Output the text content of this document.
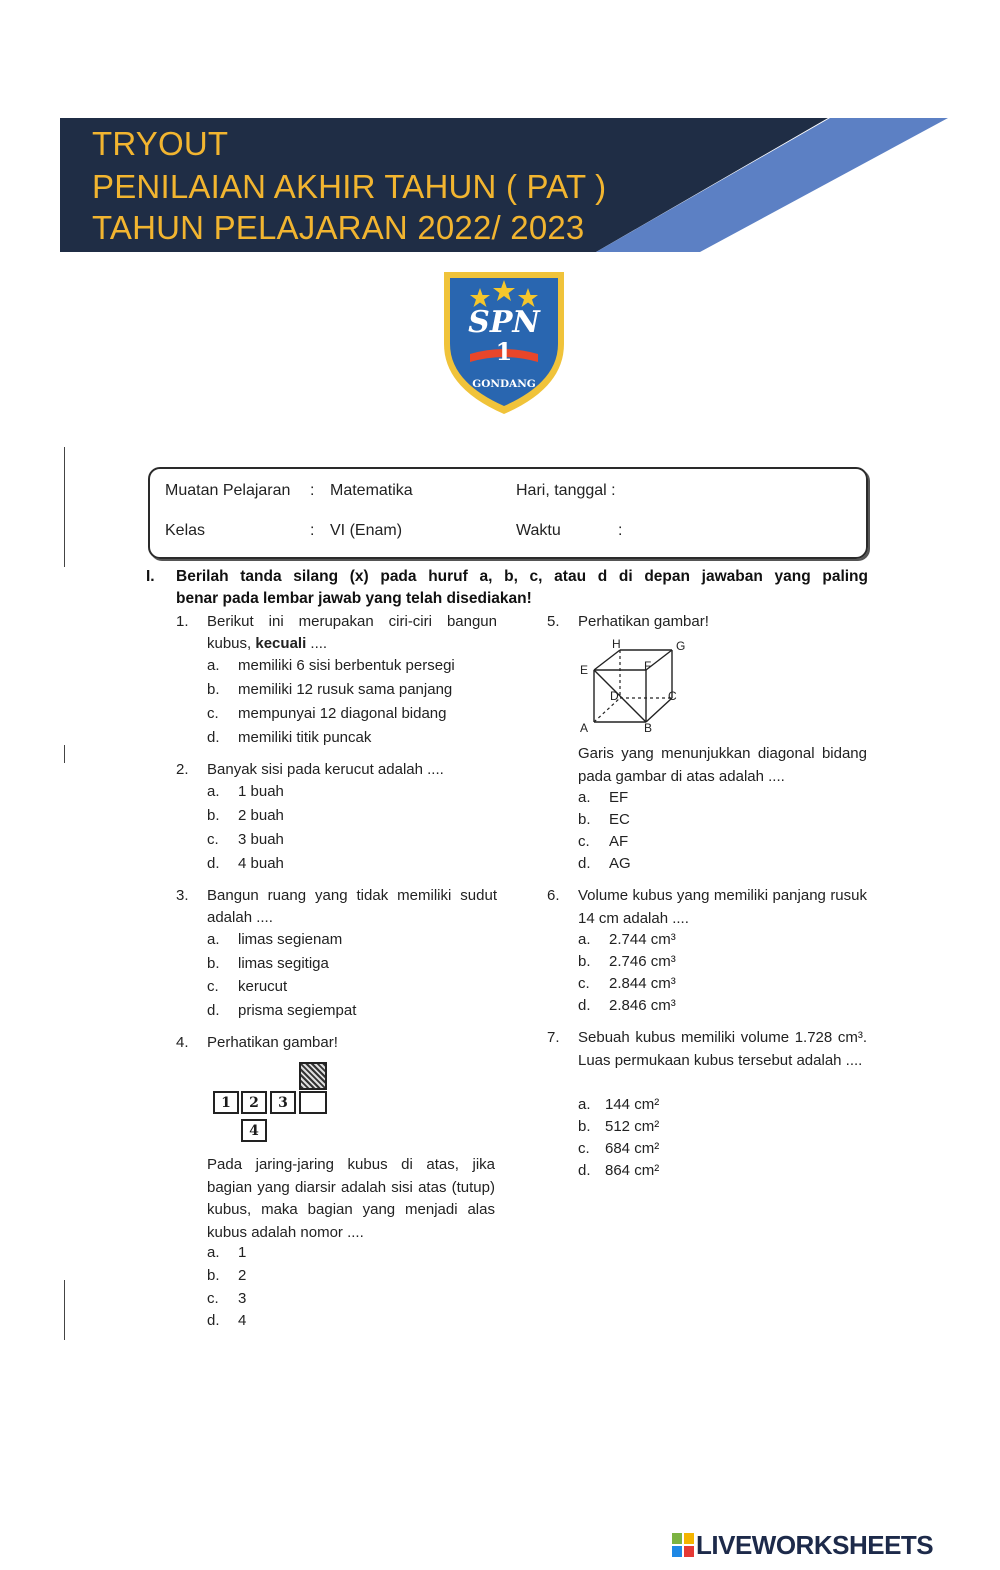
TRYOUT
PENILAIAN AKHIR TAHUN ( PAT )
TAHUN PELAJARAN 2022/ 2023
SPN
1
GONDANG
Muatan Pelajaran : Matematika	Hari, tanggal :
Kelas	: VI (Enam)	Waktu	:
I. Berilah tanda silang (x) pada huruf a, b, c, atau d di depan jawaban yang paling
benar pada lembar jawab yang telah disediakan!
1. Berikut ini merupakan ciri-ciri bangun
kubus, kecuali ....
a. memiliki 6 sisi berbentuk persegi
b. memiliki 12 rusuk sama panjang
c. mempunyai 12 diagonal bidang
d. memiliki titik puncak
2. Banyak sisi pada kerucut adalah ....
a. 1 buah
b. 2 buah
c. 3 buah
d. 4 buah
3. Bangun ruang yang tidak memiliki sudut
adalah ....
a. limas segienam
b. limas segitiga
c. kerucut
d. prisma segiempat
4. Perhatikan gambar!
1	2	3
4
Pada jaring-jaring kubus di atas, jika bagian yang diarsir adalah sisi atas (tutup) kubus, maka bagian yang menjadi alas kubus adalah nomor ....
a. 1
b. 2
c. 3
d. 4
5. Perhatikan gambar!
H	G
E	F
D	C
A	B
Garis yang menunjukkan diagonal bidang pada gambar di atas adalah ....
a. EF
b. EC
c. AF
d. AG
6. Volume kubus yang memiliki panjang rusuk 14 cm adalah ....
a. 2.744 cm³
b. 2.746 cm³
c. 2.844 cm³
d. 2.846 cm³
7. Sebuah kubus memiliki volume 1.728 cm³. Luas permukaan kubus tersebut adalah ....
a. 144 cm²
b. 512 cm²
c. 684 cm²
d. 864 cm²
LIVEWORKSHEETS
